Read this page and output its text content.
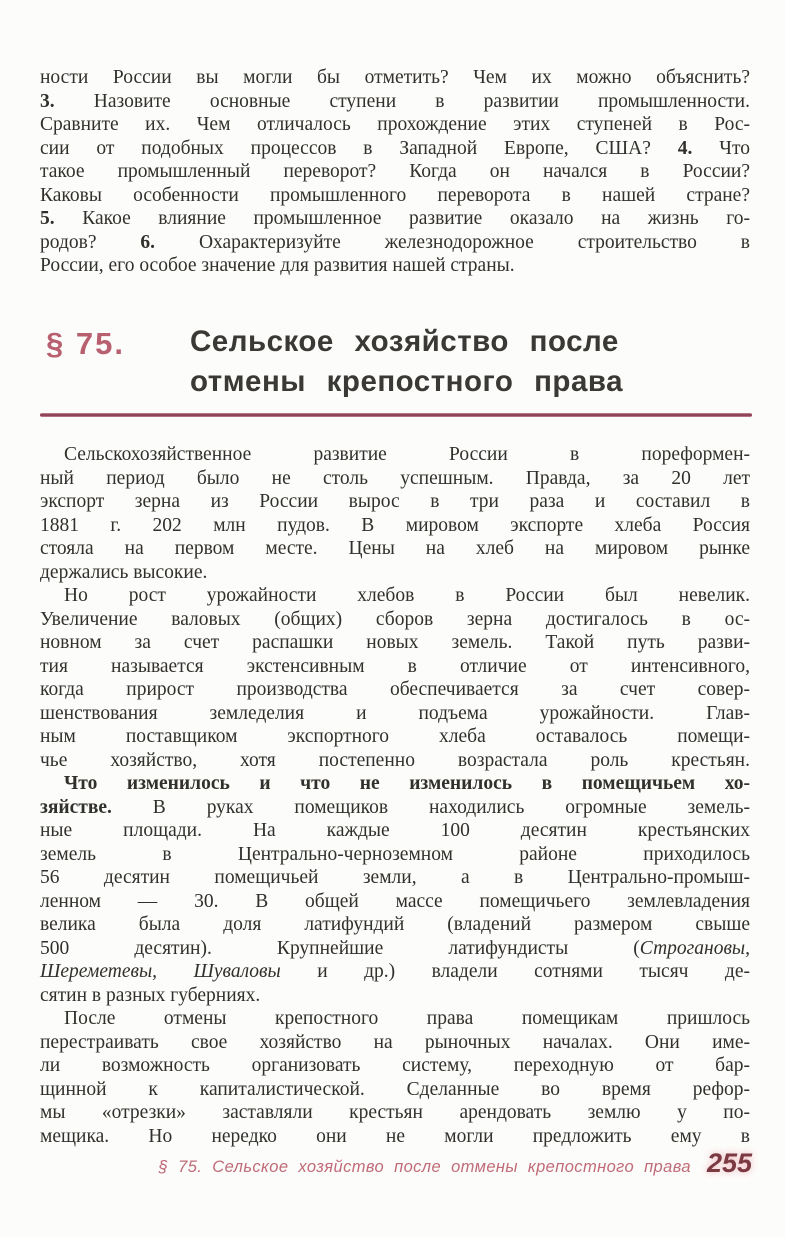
ности России вы могли бы отметить? Чем их можно объяснить?
3. Назовите основные ступени в развитии промышленности.
Сравните их. Чем отличалось прохождение этих ступеней в Рос-
сии от подобных процессов в Западной Европе, США? 4. Что
такое промышленный переворот? Когда он начался в России?
Каковы особенности промышленного переворота в нашей стране?
5. Какое влияние промышленное развитие оказало на жизнь го-
родов? 6. Охарактеризуйте железнодорожное строительство в
России, его особое значение для развития нашей страны.
§ 75. Сельское хозяйство после
отмены крепостного права
Сельскохозяйственное развитие России в пореформен-
ный период было не столь успешным. Правда, за 20 лет
экспорт зерна из России вырос в три раза и составил в
1881 г. 202 млн пудов. В мировом экспорте хлеба Россия
стояла на первом месте. Цены на хлеб на мировом рынке
держались высокие.
Но рост урожайности хлебов в России был невелик.
Увеличение валовых (общих) сборов зерна достигалось в ос-
новном за счет распашки новых земель. Такой путь разви-
тия называется экстенсивным в отличие от интенсивного,
когда прирост производства обеспечивается за счет совер-
шенствования земледелия и подъема урожайности. Глав-
ным поставщиком экспортного хлеба оставалось помещи-
чье хозяйство, хотя постепенно возрастала роль крестьян.
Что изменилось и что не изменилось в помещичьем хо-
зяйстве. В руках помещиков находились огромные земель-
ные площади. На каждые 100 десятин крестьянских
земель в Центрально-черноземном районе приходилось
56 десятин помещичьей земли, а в Центрально-промыш-
ленном — 30. В общей массе помещичьего землевладения
велика была доля латифундий (владений размером свыше
500 десятин). Крупнейшие латифундисты (Строгановы,
Шереметевы, Шуваловы и др.) владели сотнями тысяч де-
сятин в разных губерниях.
После отмены крепостного права помещикам пришлось
перестраивать свое хозяйство на рыночных началах. Они име-
ли возможность организовать систему, переходную от бар-
щинной к капиталистической. Сделанные во время рефор-
мы «отрезки» заставляли крестьян арендовать землю у по-
мещика. Но нередко они не могли предложить ему в
§ 75. Сельское хозяйство после отмены крепостного права 255
